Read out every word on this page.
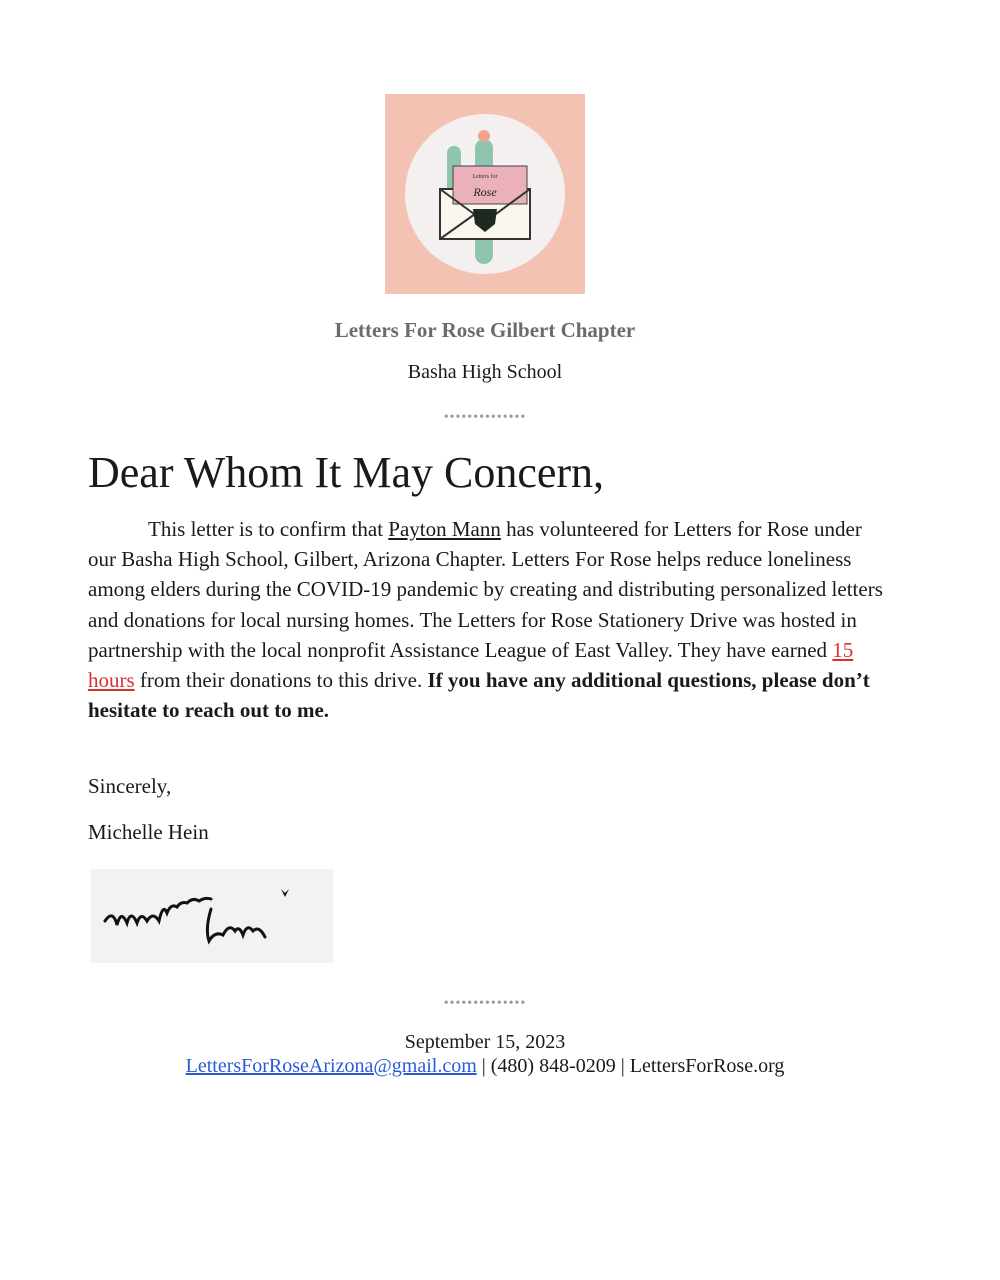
Letters for
Rose
Letters For Rose Gilbert Chapter
Basha High School
••••••••••••••
Dear Whom It May Concern,

This letter is to confirm that Payton Mann has volunteered for Letters for Rose under our Basha High School, Gilbert, Arizona Chapter. Letters For Rose helps reduce loneliness among elders during the COVID-19 pandemic by creating and distributing personalized letters and donations for local nursing homes. The Letters for Rose Stationery Drive was hosted in partnership with the local nonprofit Assistance League of East Valley. They have earned 15 hours from their donations to this drive. If you have any additional questions, please don’t hesitate to reach out to me.

Sincerely,
Michelle Hein
••••••••••••••
September 15, 2023
LettersForRoseArizona@gmail.com | (480) 848-0209 | LettersForRose.org
